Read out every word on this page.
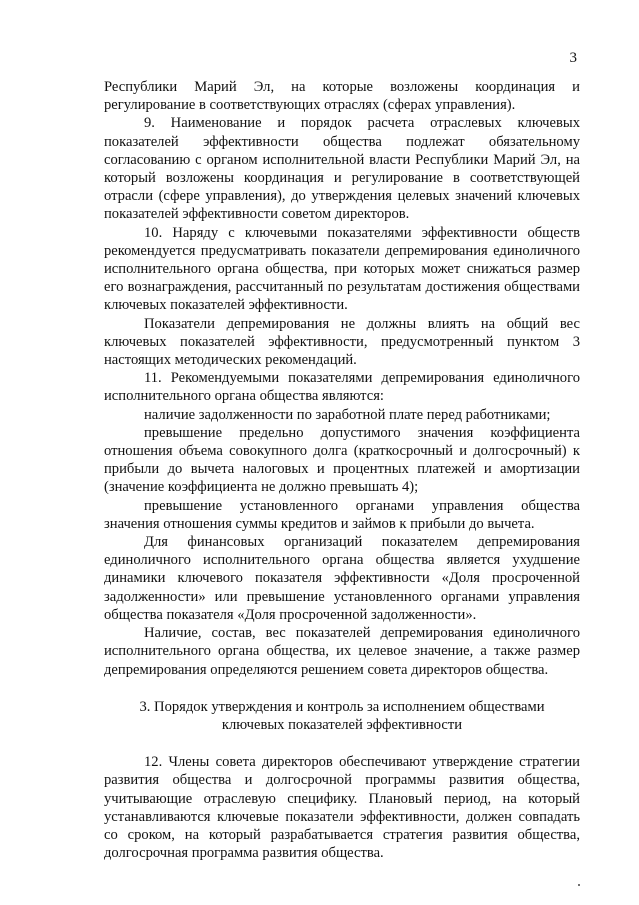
3

Республики Марий Эл, на которые возложены координация и регулирование в соответствующих отраслях (сферах управления).

9. Наименование и порядок расчета отраслевых ключевых показателей эффективности общества подлежат обязательному согласованию с органом исполнительной власти Республики Марий Эл, на который возложены координация и регулирование в соответствующей отрасли (сфере управления), до утверждения целевых значений ключевых показателей эффективности советом директоров.

10. Наряду с ключевыми показателями эффективности обществ рекомендуется предусматривать показатели депремирования единоличного исполнительного органа общества, при которых может снижаться размер его вознаграждения, рассчитанный по результатам достижения обществами ключевых показателей эффективности.

Показатели депремирования не должны влиять на общий вес ключевых показателей эффективности, предусмотренный пунктом 3 настоящих методических рекомендаций.

11. Рекомендуемыми показателями депремирования единоличного исполнительного органа общества являются:

наличие задолженности по заработной плате перед работниками;

превышение предельно допустимого значения коэффициента отношения объема совокупного долга (краткосрочный и долгосрочный) к прибыли до вычета налоговых и процентных платежей и амортизации (значение коэффициента не должно превышать 4);

превышение установленного органами управления общества значения отношения суммы кредитов и займов к прибыли до вычета.

Для финансовых организаций показателем депремирования единоличного исполнительного органа общества является ухудшение динамики ключевого показателя эффективности «Доля просроченной задолженности» или превышение установленного органами управления общества показателя «Доля просроченной задолженности».

Наличие, состав, вес показателей депремирования единоличного исполнительного органа общества, их целевое значение, а также размер депремирования определяются решением совета директоров общества.

3. Порядок утверждения и контроль за исполнением обществами
ключевых показателей эффективности

12. Члены совета директоров обеспечивают утверждение стратегии развития общества и долгосрочной программы развития общества, учитывающие отраслевую специфику. Плановый период, на который устанавливаются ключевые показатели эффективности, должен совпадать со сроком, на который разрабатывается стратегия развития общества, долгосрочная программа развития общества.
